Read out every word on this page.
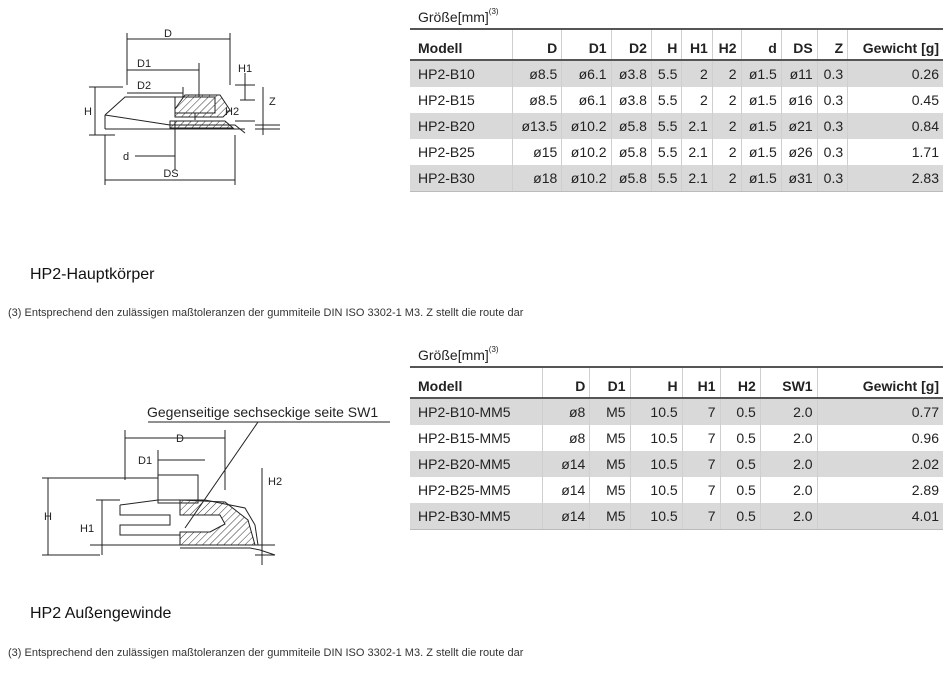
D
D1
D2
H
H1
H2
Z
d
DS
Größe[mm]$^{(3)}$
Modell	D	D1	D2	H	H1	H2	d	DS	Z	Gewicht [g]
HP2-B10	ø8.5	ø6.1	ø3.8	5.5	2	2	ø1.5	ø11	0.3	0.26
HP2-B15	ø8.5	ø6.1	ø3.8	5.5	2	2	ø1.5	ø16	0.3	0.45
HP2-B20	ø13.5	ø10.2	ø5.8	5.5	2.1	2	ø1.5	ø21	0.3	0.84
HP2-B25	ø15	ø10.2	ø5.8	5.5	2.1	2	ø1.5	ø26	0.3	1.71
HP2-B30	ø18	ø10.2	ø5.8	5.5	2.1	2	ø1.5	ø31	0.3	2.83
HP2-Hauptkörper
(3) Entsprechend den zulässigen maßtoleranzen der gummiteile DIN ISO 3302-1 M3. Z stellt die route dar
Gegenseitige sechseckige seite SW1
D
D1
H
H1
H2
Größe[mm]$^{(3)}$
Modell	D	D1	H	H1	H2	SW1	Gewicht [g]
HP2-B10-MM5	ø8	M5	10.5	7	0.5	2.0	0.77
HP2-B15-MM5	ø8	M5	10.5	7	0.5	2.0	0.96
HP2-B20-MM5	ø14	M5	10.5	7	0.5	2.0	2.02
HP2-B25-MM5	ø14	M5	10.5	7	0.5	2.0	2.89
HP2-B30-MM5	ø14	M5	10.5	7	0.5	2.0	4.01
HP2 Außengewinde
(3) Entsprechend den zulässigen maßtoleranzen der gummiteile DIN ISO 3302-1 M3. Z stellt die route dar
